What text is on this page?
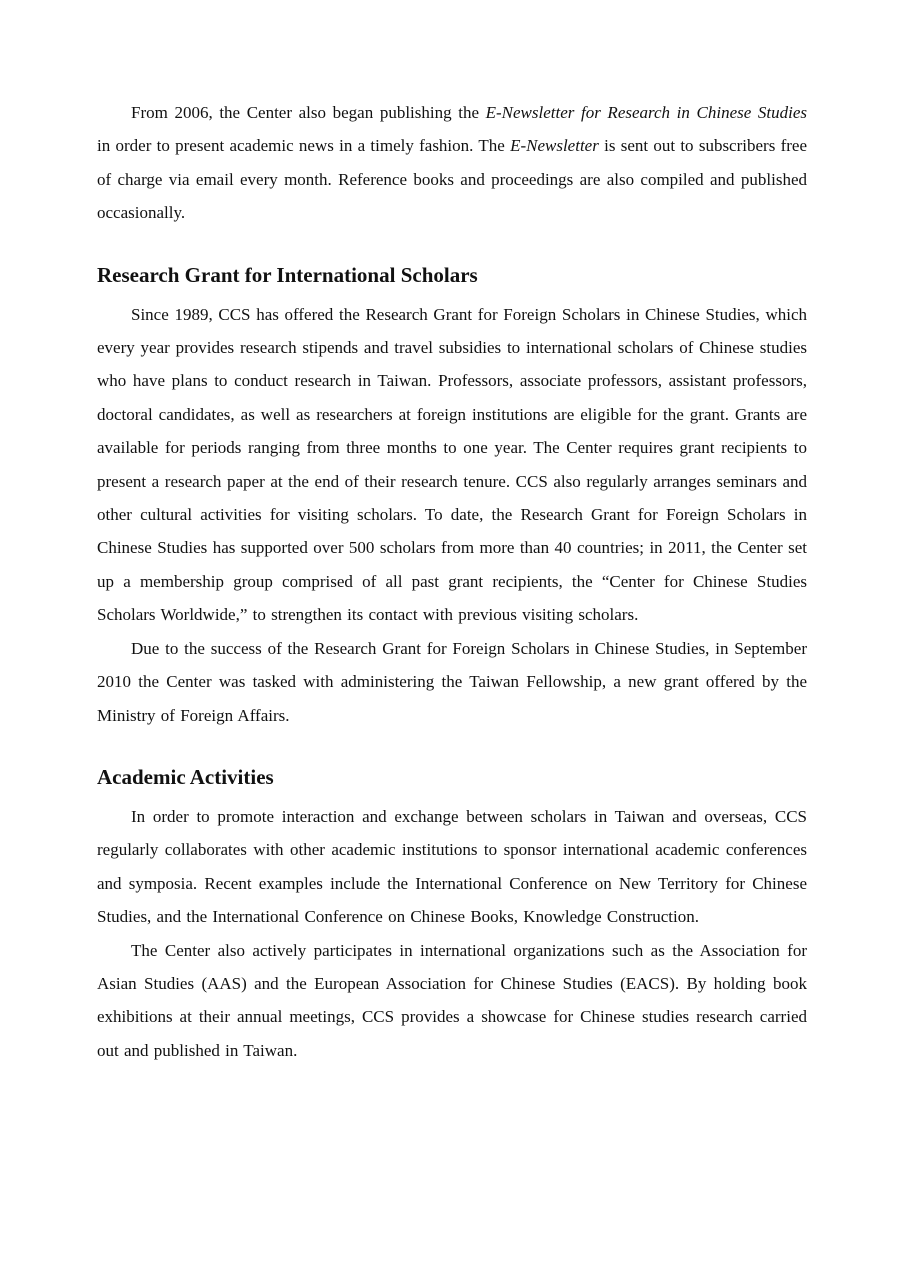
From 2006, the Center also began publishing the E-Newsletter for Research in Chinese Studies in order to present academic news in a timely fashion. The E-Newsletter is sent out to subscribers free of charge via email every month. Reference books and proceedings are also compiled and published occasionally.

Research Grant for International Scholars

Since 1989, CCS has offered the Research Grant for Foreign Scholars in Chinese Studies, which every year provides research stipends and travel subsidies to international scholars of Chinese studies who have plans to conduct research in Taiwan. Professors, associate professors, assistant professors, doctoral candidates, as well as researchers at foreign institutions are eligible for the grant. Grants are available for periods ranging from three months to one year. The Center requires grant recipients to present a research paper at the end of their research tenure. CCS also regularly arranges seminars and other cultural activities for visiting scholars. To date, the Research Grant for Foreign Scholars in Chinese Studies has supported over 500 scholars from more than 40 countries; in 2011, the Center set up a membership group comprised of all past grant recipients, the “Center for Chinese Studies Scholars Worldwide,” to strengthen its contact with previous visiting scholars.

Due to the success of the Research Grant for Foreign Scholars in Chinese Studies, in September 2010 the Center was tasked with administering the Taiwan Fellowship, a new grant offered by the Ministry of Foreign Affairs.

Academic Activities

In order to promote interaction and exchange between scholars in Taiwan and overseas, CCS regularly collaborates with other academic institutions to sponsor international academic conferences and symposia. Recent examples include the International Conference on New Territory for Chinese Studies, and the International Conference on Chinese Books, Knowledge Construction.

The Center also actively participates in international organizations such as the Association for Asian Studies (AAS) and the European Association for Chinese Studies (EACS). By holding book exhibitions at their annual meetings, CCS provides a showcase for Chinese studies research carried out and published in Taiwan.
